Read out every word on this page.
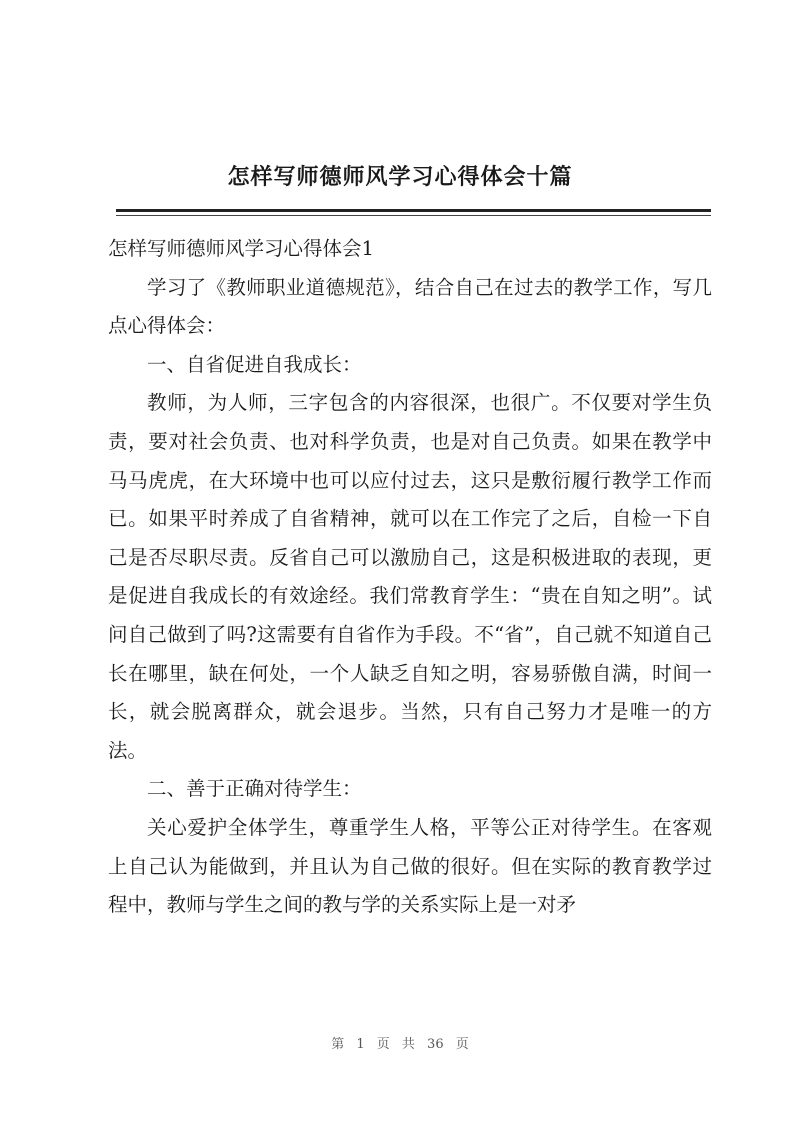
怎样写师德师风学习心得体会十篇

怎样写师德师风学习心得体会1

学习了《教师职业道德规范》，结合自己在过去的教学工作，写几点心得体会：

一、自省促进自我成长：

教师，为人师，三字包含的内容很深，也很广。不仅要对学生负责，要对社会负责、也对科学负责，也是对自己负责。如果在教学中马马虎虎，在大环境中也可以应付过去，这只是敷衍履行教学工作而已。如果平时养成了自省精神，就可以在工作完了之后，自检一下自己是否尽职尽责。反省自己可以激励自己，这是积极进取的表现，更是促进自我成长的有效途经。我们常教育学生：“贵在自知之明”。试问自己做到了吗?这需要有自省作为手段。不“省”，自己就不知道自己长在哪里，缺在何处，一个人缺乏自知之明，容易骄傲自满，时间一长，就会脱离群众，就会退步。当然，只有自己努力才是唯一的方法。

二、善于正确对待学生：

关心爱护全体学生，尊重学生人格，平等公正对待学生。在客观上自己认为能做到，并且认为自己做的很好。但在实际的教育教学过程中，教师与学生之间的教与学的关系实际上是一对矛

第 1 页 共 36 页
